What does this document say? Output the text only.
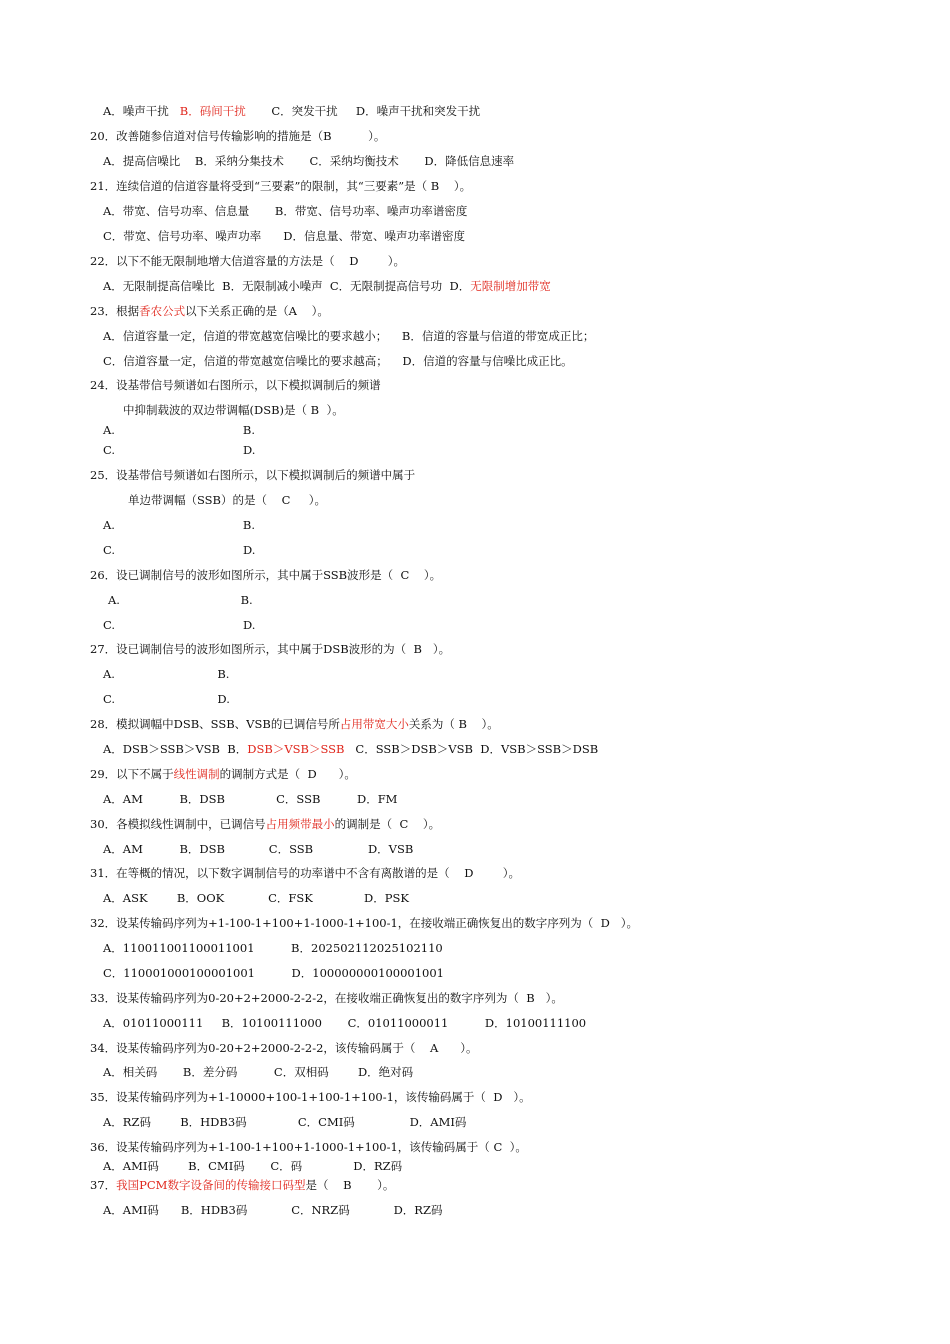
A．噪声干扰   B．码间干扰       C．突发干扰     D．噪声干扰和突发干扰
20．改善随参信道对信号传输影响的措施是（B          ）。
A．提高信噪比    B．采纳分集技术       C．采纳均衡技术       D．降低信息速率
21．连续信道的信道容量将受到“三要素”的限制，其“三要素”是（ B    ）。
A．带宽、信号功率、信息量       B．带宽、信号功率、噪声功率谱密度
C．带宽、信号功率、噪声功率      D．信息量、带宽、噪声功率谱密度
22．以下不能无限制地增大信道容量的方法是（    D        ）。
A．无限制提高信噪比  B．无限制减小噪声  C．无限制提高信号功  D．无限制增加带宽
23．根据香农公式以下关系正确的是（A    ）。
A．信道容量一定，信道的带宽越宽信噪比的要求越小；    B．信道的容量与信道的带宽成正比；
C．信道容量一定，信道的带宽越宽信噪比的要求越高；    D．信道的容量与信噪比成正比。
24．设基带信号频谱如右图所示，以下模拟调制后的频谱
中抑制载波的双边带调幅(DSB)是（ B  ）。
A.                                   B.
C.                                   D.
25．设基带信号频谱如右图所示，以下模拟调制后的频谱中属于
单边带调幅（SSB）的是（    C     ）。
A.                                   B.
C.                                   D.
26．设已调制信号的波形如图所示，其中属于SSB波形是（  C    ）。
A.                                 B.
C.                                   D.
27．设已调制信号的波形如图所示，其中属于DSB波形的为（  B   ）。
A.                            B.
C.                            D.
28．模拟调幅中DSB、SSB、VSB的已调信号所占用带宽大小关系为（ B    ）。
A．DSB＞SSB＞VSB  B．DSB＞VSB＞SSB   C．SSB＞DSB＞VSB  D．VSB＞SSB＞DSB
29．以下不属于线性调制的调制方式是（  D      ）。
A．AM          B．DSB              C．SSB          D．FM
30．各模拟线性调制中，已调信号占用频带最小的调制是（  C    ）。
A．AM          B．DSB            C．SSB               D．VSB
31．在等概的情况，以下数字调制信号的功率谱中不含有离散谱的是（    D        ）。
A．ASK        B．OOK            C．FSK              D．PSK
32．设某传输码序列为+1-100-1+100+1-1000-1+100-1，在接收端正确恢复出的数字序列为（  D   ）。
A．110011001100011001          B．202502112025102110
C．110001000100001001          D．100000000100001001
33．设某传输码序列为0-20+2+2000-2-2-2，在接收端正确恢复出的数字序列为（  B   ）。
A．01011000111     B．10100111000       C．01011000011          D．10100111100
34．设某传输码序列为0-20+2+2000-2-2-2，该传输码属于（    A      ）。
A．相关码       B．差分码          C．双相码        D．绝对码
35．设某传输码序列为+1-10000+100-1+100-1+100-1，该传输码属于（  D   ）。
A．RZ码        B．HDB3码              C．CMI码               D．AMI码
36．设某传输码序列为+1-100-1+100+1-1000-1+100-1，该传输码属于（ C  ）。
A．AMI码        B．CMI码       C．码              D．RZ码
37．我国PCM数字设备间的传输接口码型是（    B       ）。
A．AMI码      B．HDB3码            C．NRZ码            D．RZ码
